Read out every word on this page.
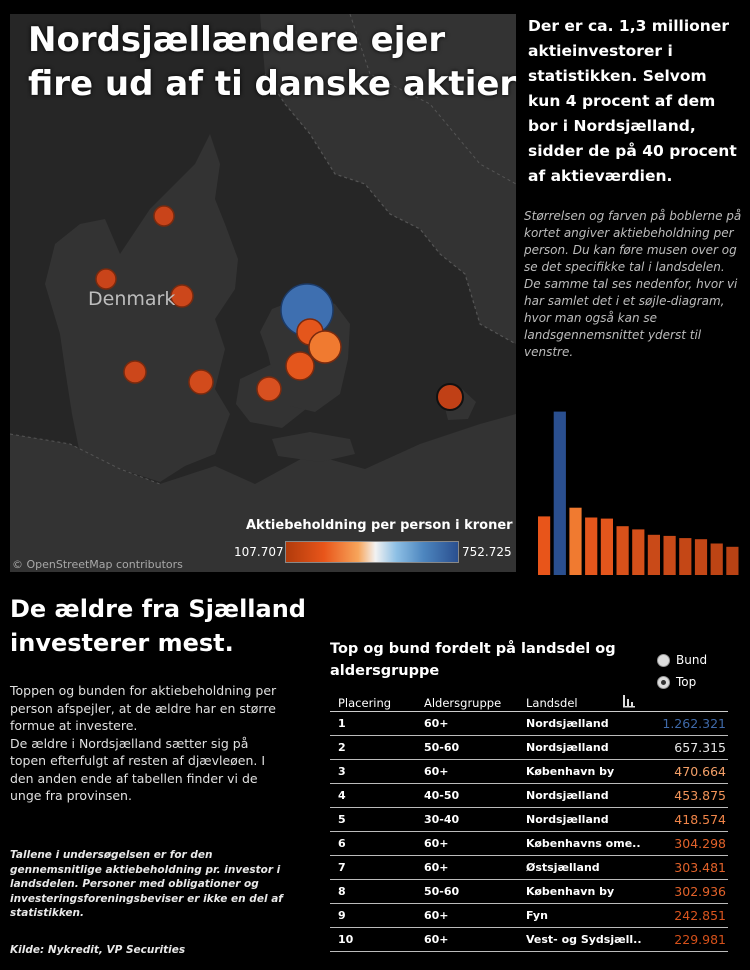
Nordsjællændere ejer fire ud af ti danske aktier
Denmark
© OpenStreetMap contributors
Aktiebeholdning per person i kroner
107.707	752.725
Der er ca. 1,3 millioner aktieinvestorer i statistikken. Selvom kun 4 procent af dem bor i Nordsjælland, sidder de på 40 procent af aktieværdien.

Størrelsen og farven på boblerne på kortet angiver aktiebeholdning per person. Du kan føre musen over og se det specifikke tal i landsdelen.

De samme tal ses nedenfor, hvor vi har samlet det i et søjle-diagram, hvor man også kan se landsgennemsnittet yderst til venstre.

De ældre fra Sjælland investerer mest.

Toppen og bunden for aktiebeholdning per person afspejler, at de ældre har en større formue at investere.

De ældre i Nordsjælland sætter sig på topen efterfulgt af resten af djævleøen. I den anden ende af tabellen finder vi de unge fra provinsen.

Tallene i undersøgelsen er for den gennemsnitlige aktiebeholdning pr. investor i landsdelen. Personer med obligationer og investeringsforeningsbeviser er ikke en del af statistikken.
Kilde: Nykredit, VP Securities
Top og bund fordelt på landsdel og aldersgruppe
Bund
Top
Placering	Aldersgruppe Landsdel
1	60+	Nordsjælland	1.262.321
2	50-60	Nordsjælland	657.315
3	60+	København by	470.664
4	40-50	Nordsjælland	453.875
5	30-40	Nordsjælland	418.574
6	60+	Københavns ome..	304.298
7	60+	Østsjælland	303.481
8	50-60	København by	302.936
9	60+	Fyn	242.851
10	60+	Vest- og Sydsjæll..	229.981
